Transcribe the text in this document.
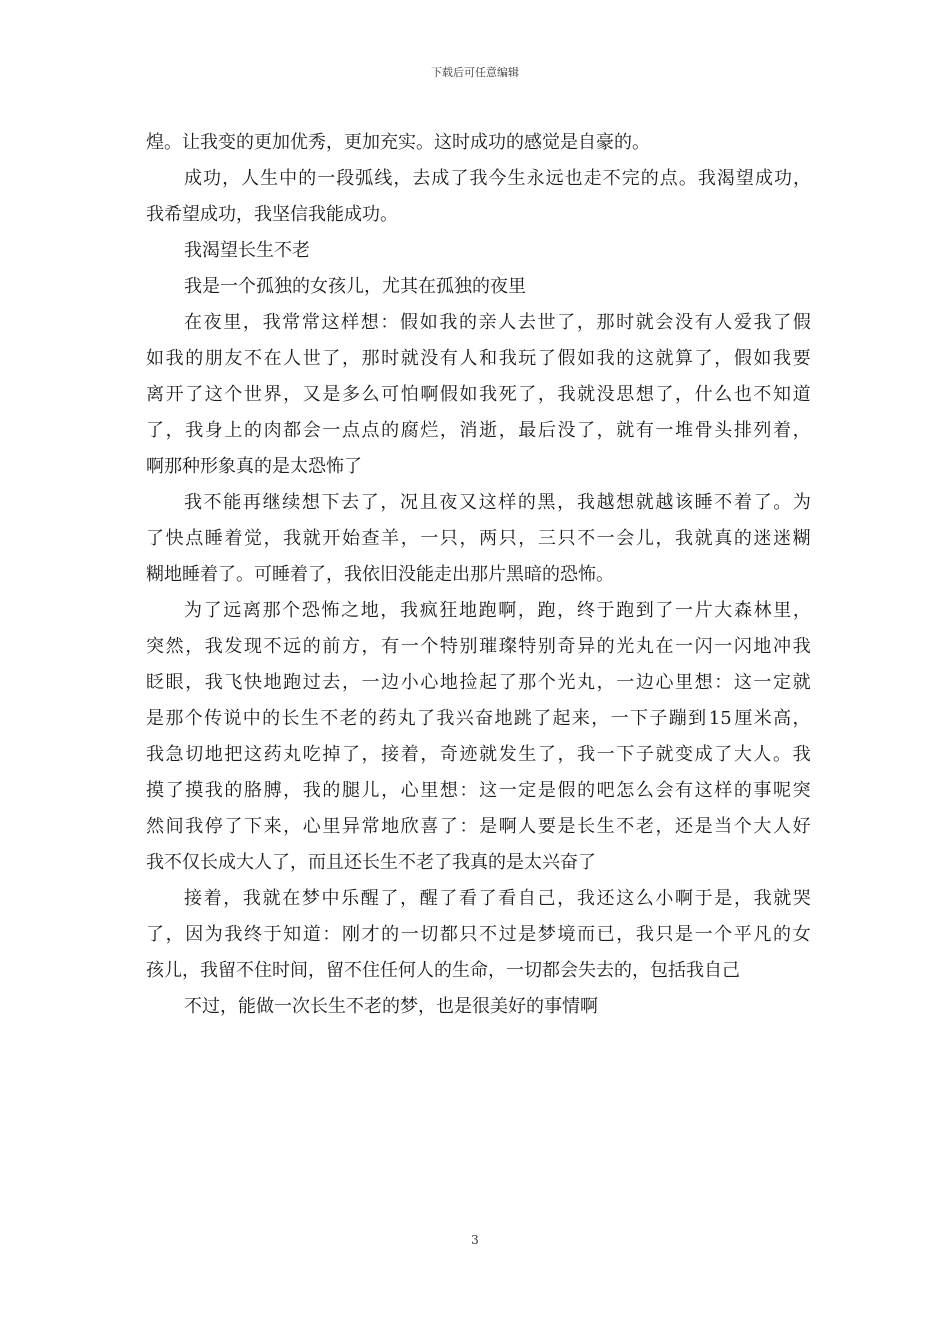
下载后可任意编辑
煌。让我变的更加优秀，更加充实。这时成功的感觉是自豪的。
成 功 ， 人 生 中 的 一 段 弧 线 ， 去 成 了 我 今 生 永 远 也 走 不 完 的 点 。 我 渴 望 成 功 ，
我希望成功，我坚信我能成功。
我渴望长生不老
我是一个孤独的女孩儿，尤其在孤独的夜里
在 夜 里 ， 我 常 常 这 样 想 ： 假 如 我 的 亲 人 去 世 了 ， 那 时 就 会 没 有 人 爱 我 了 假
如 我 的 朋 友 不 在 人 世 了 ， 那 时 就 没 有 人 和 我 玩 了 假 如 我 的 这 就 算 了 ， 假 如 我 要
离 开 了 这 个 世 界 ， 又 是 多 么 可 怕 啊 假 如 我 死 了 ， 我 就 没 思 想 了 ， 什 么 也 不 知 道
了 ， 我 身 上 的 肉 都 会 一 点 点 的 腐 烂 ， 消 逝 ， 最 后 没 了 ， 就 有 一 堆 骨 头 排 列 着 ，
啊那种形象真的是太恐怖了
我 不 能 再 继 续 想 下 去 了 ， 况 且 夜 又 这 样 的 黑 ， 我 越 想 就 越 该 睡 不 着 了 。 为
了 快 点 睡 着 觉 ， 我 就 开 始 查 羊 ， 一 只 ， 两 只 ， 三 只 不 一 会 儿 ， 我 就 真 的 迷 迷 糊
糊地睡着了。可睡着了，我依旧没能走出那片黑暗的恐怖。
为 了 远 离 那 个 恐 怖 之 地 ， 我 疯 狂 地 跑 啊 ， 跑 ， 终 于 跑 到 了 一 片 大 森 林 里 ，
突 然 ， 我 发 现 不 远 的 前 方 ， 有 一 个 特 别 璀 璨 特 别 奇 异 的 光 丸 在 一 闪 一 闪 地 冲 我
眨 眼 ， 我 飞 快 地 跑 过 去 ， 一 边 小 心 地 捡 起 了 那 个 光 丸 ， 一 边 心 里 想 ： 这 一 定 就
是 那 个 传 说 中 的 长 生 不 老 的 药 丸 了 我 兴 奋 地 跳 了 起 来 ， 一 下 子 蹦 到 15 厘 米 高 ，
我 急 切 地 把 这 药 丸 吃 掉 了 ， 接 着 ， 奇 迹 就 发 生 了 ， 我 一 下 子 就 变 成 了 大 人 。 我
摸 了 摸 我 的 胳 膊 ， 我 的 腿 儿 ， 心 里 想 ： 这 一 定 是 假 的 吧 怎 么 会 有 这 样 的 事 呢 突
然 间 我 停 了 下 来 ， 心 里 异 常 地 欣 喜 了 ： 是 啊 人 要 是 长 生 不 老 ， 还 是 当 个 大 人 好
我不仅长成大人了，而且还长生不老了我真的是太兴奋了
接 着 ， 我 就 在 梦 中 乐 醒 了 ， 醒 了 看 了 看 自 己 ， 我 还 这 么 小 啊 于 是 ， 我 就 哭
了 ， 因 为 我 终 于 知 道 ： 刚 才 的 一 切 都 只 不 过 是 梦 境 而 已 ， 我 只 是 一 个 平 凡 的 女
孩儿，我留不住时间，留不住任何人的生命，一切都会失去的，包括我自己
不过，能做一次长生不老的梦，也是很美好的事情啊
3
